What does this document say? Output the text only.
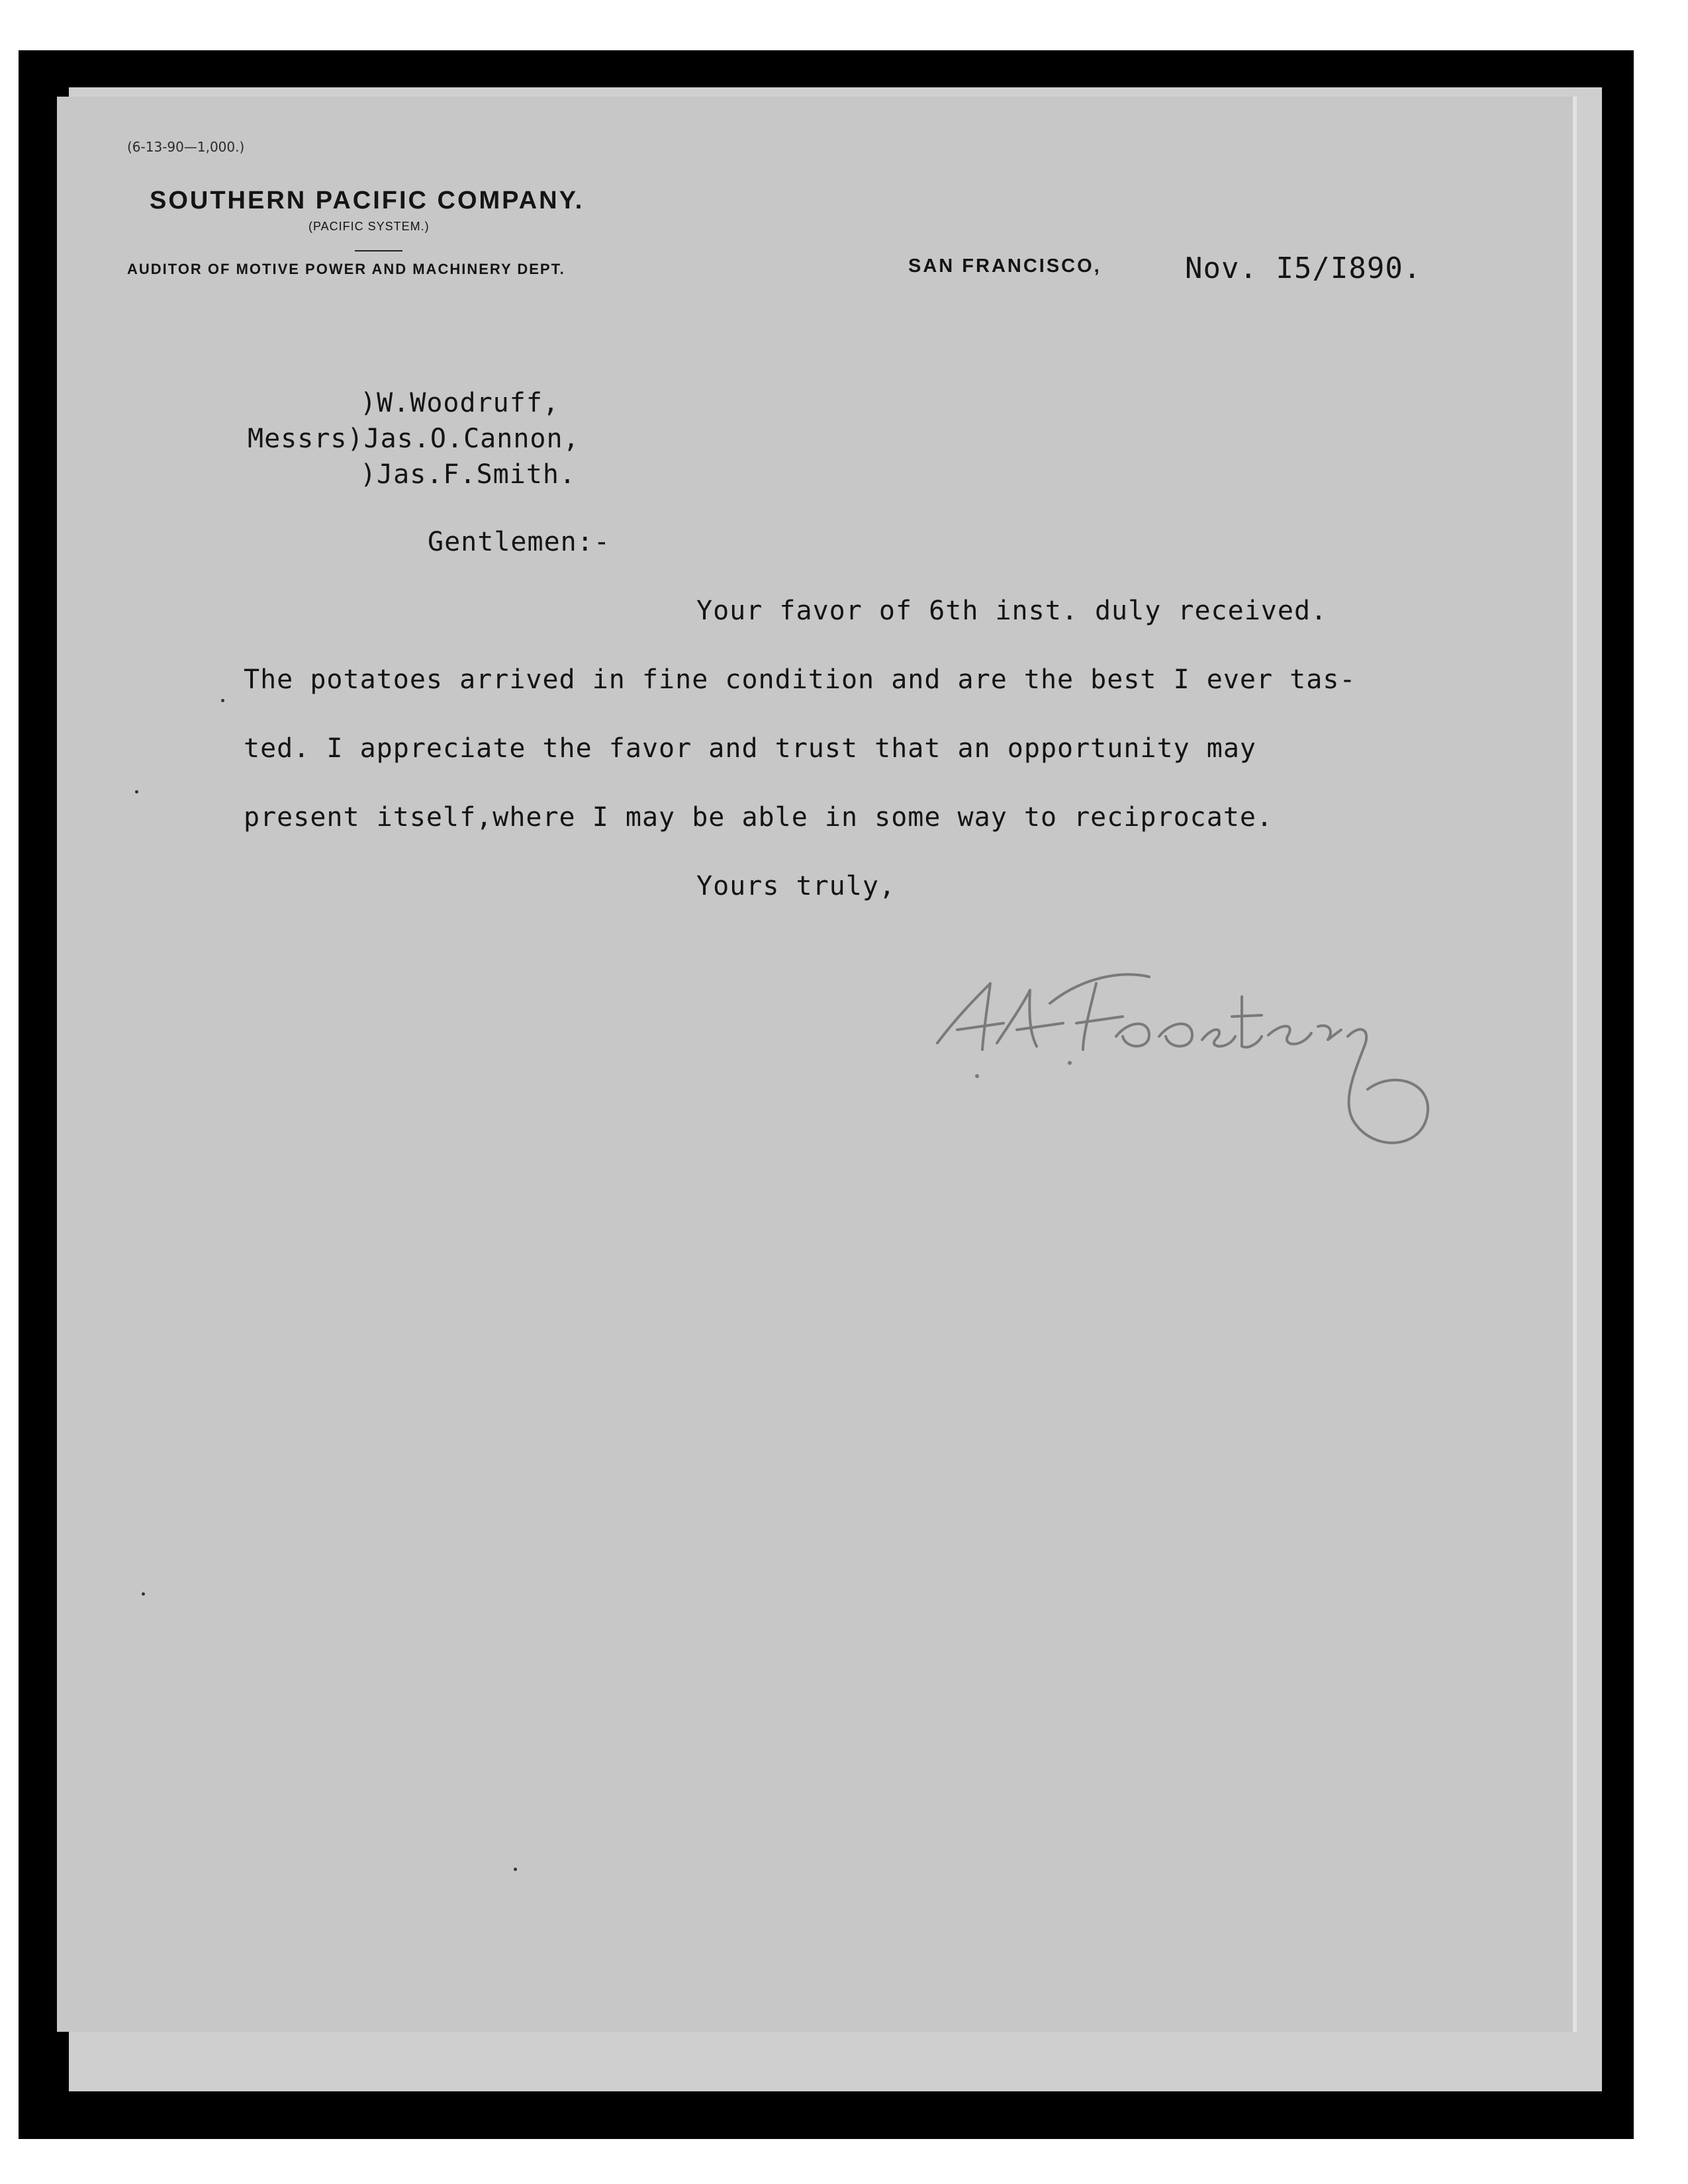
(6-13-90—1,000.)
SOUTHERN PACIFIC COMPANY.
(PACIFIC SYSTEM.)
AUDITOR OF MOTIVE POWER AND MACHINERY DEPT.	SAN FRANCISCO,	Nov. I5/I890.
)W.Woodruff,
Messrs)Jas.O.Cannon,
)Jas.F.Smith.
Gentlemen:-
Your favor of 6th inst. duly received.
The potatoes arrived in fine condition and are the best I ever tas-
ted. I appreciate the favor and trust that an opportunity may
present itself,where I may be able in some way to reciprocate.
Yours truly,
